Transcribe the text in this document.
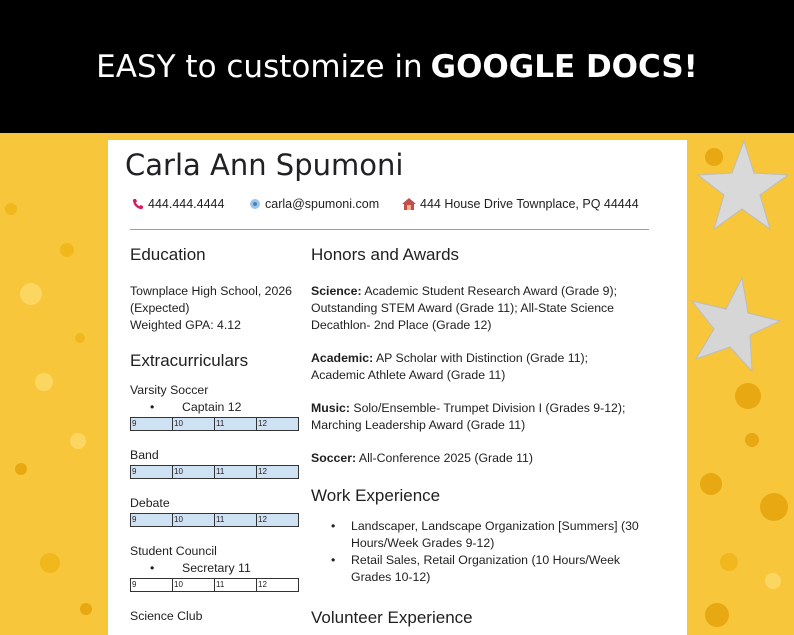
EASY to customize in GOOGLE DOCS!
Carla Ann Spumoni
444.444.4444	carla@spumoni.com	444 House Drive Townplace, PQ 44444
Education
Townplace High School, 2026
(Expected)
Weighted GPA: 4.12
Extracurriculars
Varsity Soccer
• Captain 12
9	10	11	12
Band
9	10	11	12
Debate
9	10	11	12
Student Council
• Secretary 11
9	10	11	12
Science Club
Honors and Awards
Science: Academic Student Research Award (Grade 9);
Outstanding STEM Award (Grade 11); All-State Science
Decathlon- 2nd Place (Grade 12)
Academic: AP Scholar with Distinction (Grade 11);
Academic Athlete Award (Grade 11)
Music: Solo/Ensemble- Trumpet Division I (Grades 9-12);
Marching Leadership Award (Grade 11)
Soccer: All-Conference 2025 (Grade 11)
Work Experience
• Landscaper, Landscape Organization [Summers] (30
Hours/Week Grades 9-12)
• Retail Sales, Retail Organization (10 Hours/Week
Grades 10-12)
Volunteer Experience
